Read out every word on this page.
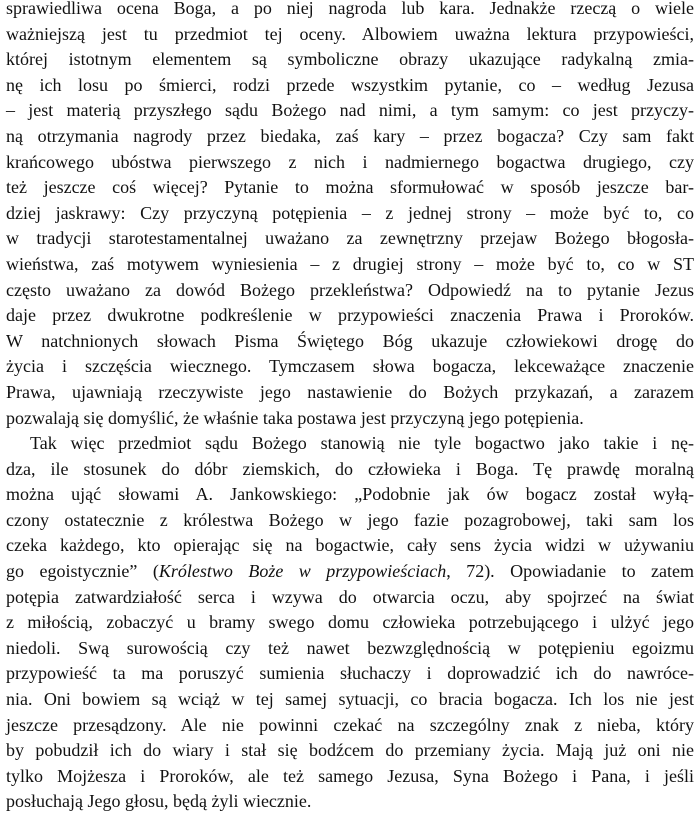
sprawiedliwa ocena Boga, a po niej nagroda lub kara. Jednakże rzeczą o wiele
ważniejszą jest tu przedmiot tej oceny. Albowiem uważna lektura przypowieści,
której istotnym elementem są symboliczne obrazy ukazujące radykalną zmia-
nę ich losu po śmierci, rodzi przede wszystkim pytanie, co – według Jezusa
– jest materią przyszłego sądu Bożego nad nimi, a tym samym: co jest przyczy-
ną otrzymania nagrody przez biedaka, zaś kary – przez bogacza? Czy sam fakt
krańcowego ubóstwa pierwszego z nich i nadmiernego bogactwa drugiego, czy
też jeszcze coś więcej? Pytanie to można sformułować w sposób jeszcze bar-
dziej jaskrawy: Czy przyczyną potępienia – z jednej strony – może być to, co
w tradycji starotestamentalnej uważano za zewnętrzny przejaw Bożego błogosła-
wieństwa, zaś motywem wyniesienia – z drugiej strony – może być to, co w ST
często uważano za dowód Bożego przekleństwa? Odpowiedź na to pytanie Jezus
daje przez dwukrotne podkreślenie w przypowieści znaczenia Prawa i Proroków.
W natchnionych słowach Pisma Świętego Bóg ukazuje człowiekowi drogę do
życia i szczęścia wiecznego. Tymczasem słowa bogacza, lekceważące znaczenie
Prawa, ujawniają rzeczywiste jego nastawienie do Bożych przykazań, a zarazem
pozwalają się domyślić, że właśnie taka postawa jest przyczyną jego potępienia.
Tak więc przedmiot sądu Bożego stanowią nie tyle bogactwo jako takie i nę-
dza, ile stosunek do dóbr ziemskich, do człowieka i Boga. Tę prawdę moralną
można ująć słowami A. Jankowskiego: „Podobnie jak ów bogacz został wyłą-
czony ostatecznie z królestwa Bożego w jego fazie pozagrobowej, taki sam los
czeka każdego, kto opierając się na bogactwie, cały sens życia widzi w używaniu
go egoistycznie” (Królestwo Boże w przypowieściach, 72). Opowiadanie to zatem
potępia zatwardziałość serca i wzywa do otwarcia oczu, aby spojrzeć na świat
z miłością, zobaczyć u bramy swego domu człowieka potrzebującego i ulżyć jego
niedoli. Swą surowością czy też nawet bezwzględnością w potępieniu egoizmu
przypowieść ta ma poruszyć sumienia słuchaczy i doprowadzić ich do nawróce-
nia. Oni bowiem są wciąż w tej samej sytuacji, co bracia bogacza. Ich los nie jest
jeszcze przesądzony. Ale nie powinni czekać na szczególny znak z nieba, który
by pobudził ich do wiary i stał się bodźcem do przemiany życia. Mają już oni nie
tylko Mojżesza i Proroków, ale też samego Jezusa, Syna Bożego i Pana, i jeśli
posłuchają Jego głosu, będą żyli wiecznie.
